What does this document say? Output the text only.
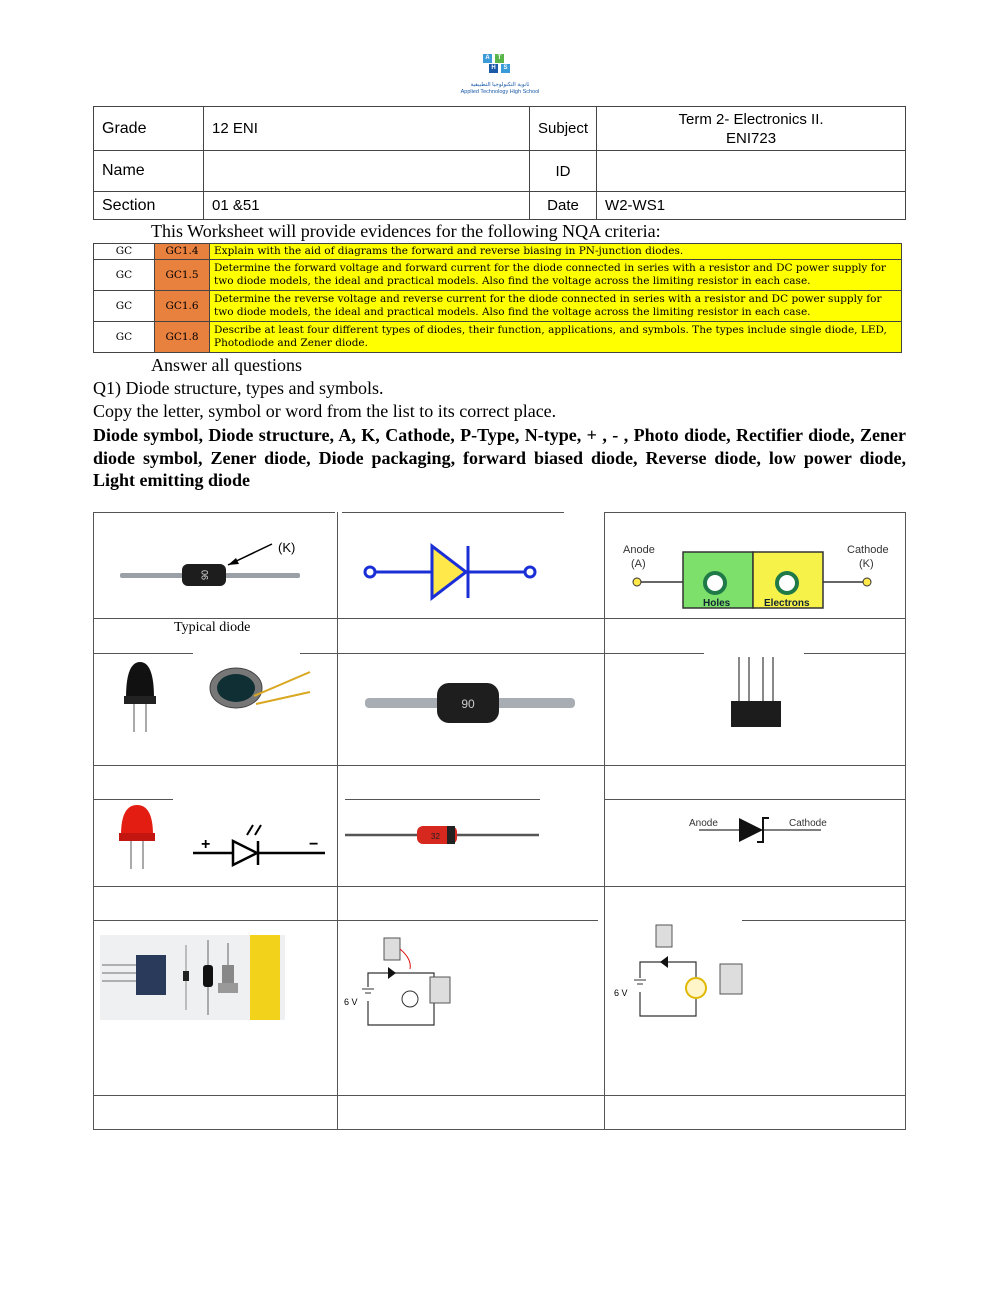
A	T
H	S
ثانوية التكنولوجيا التطبيقية
Applied Technology High School
Grade	12 ENI	Subject	Term 2- Electronics II.
ENI723

Name		ID	
Section	01 &51	Date	W2-WS1
This Worksheet will provide evidences for the following NQA criteria:
GC	GC1.4	Explain with the aid of diagrams the forward and reverse biasing in PN-junction diodes.
GC	GC1.5	Determine the forward voltage and forward current for the diode connected in series with a resistor and DC power supply for two diode models, the ideal and practical models. Also find the voltage across the limiting resistor in each case.
GC	GC1.6	Determine the reverse voltage and reverse current for the diode connected in series with a resistor and DC power supply for two diode models, the ideal and practical models. Also find the voltage across the limiting resistor in each case.
GC	GC1.8	Describe at least four different types of diodes, their function, applications, and symbols. The types include single diode, LED, Photodiode and Zener diode.
Answer all questions
Q1) Diode structure, types and symbols.
Copy the letter, symbol or word from the list to its correct place.
Diode symbol, Diode structure, A, K, Cathode, P-Type, N-type, + , - , Photo diode, Rectifier diode, Zener diode symbol, Zener diode, Diode packaging, forward biased diode, Reverse diode, low power diode, Light emitting diode
90
(K)
Typical diode
Anode
(A)
Cathode
(K)
Holes	Electrons
90
+	−	32
Anode	Cathode
6 V
6 V
